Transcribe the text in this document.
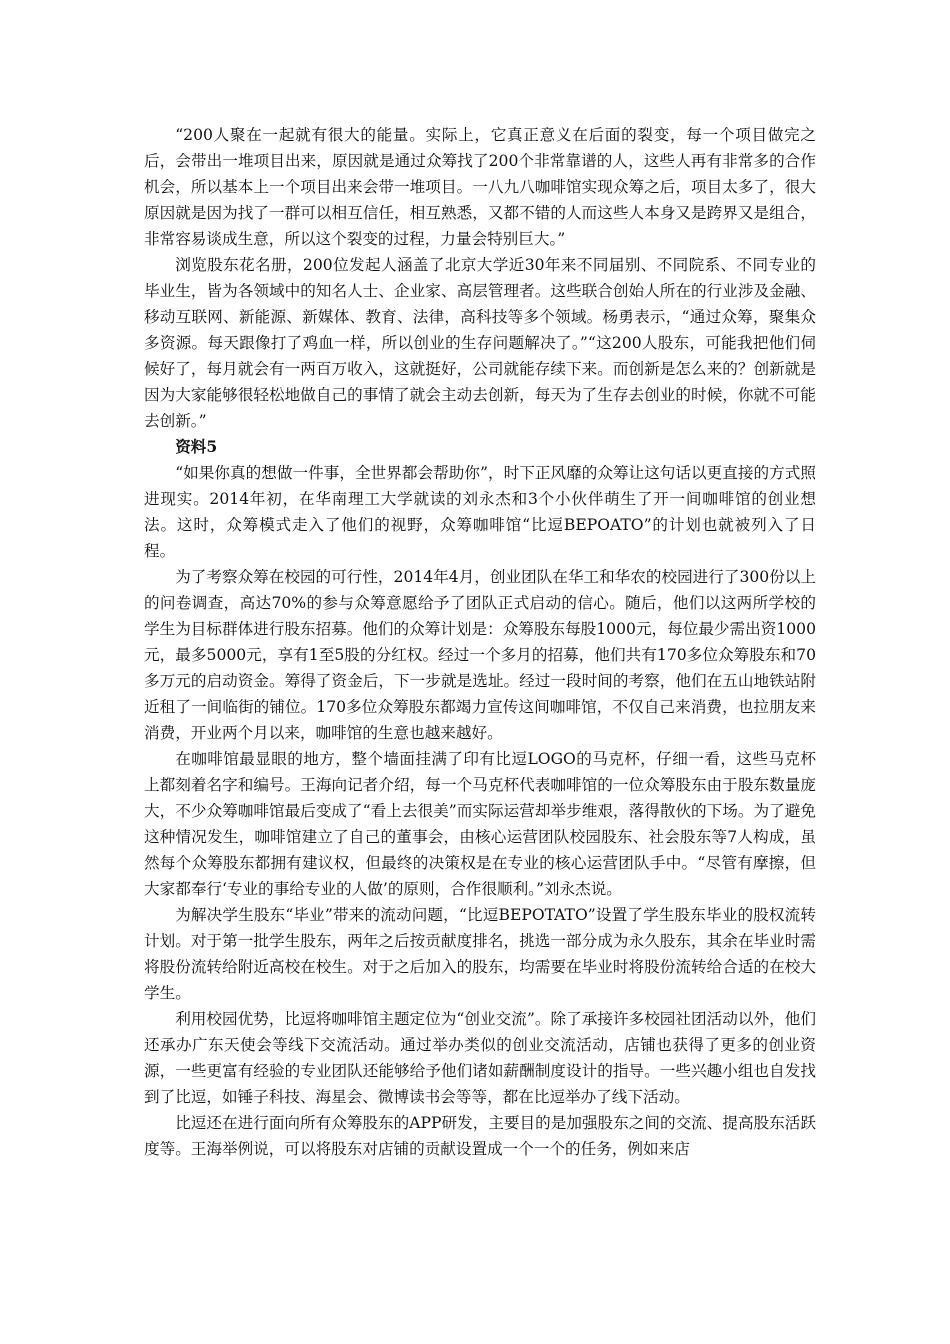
“200人聚在一起就有很大的能量。实际上，它真正意义在后面的裂变，每一个项目做完之后，会带出一堆项目出来，原因就是通过众筹找了200个非常靠谱的人，这些人再有非常多的合作机会，所以基本上一个项目出来会带一堆项目。一八九八咖啡馆实现众筹之后，项目太多了，很大原因就是因为找了一群可以相互信任，相互熟悉，又都不错的人而这些人本身又是跨界又是组合，非常容易谈成生意，所以这个裂变的过程，力量会特别巨大。”

浏览股东花名册，200位发起人涵盖了北京大学近30年来不同届别、不同院系、不同专业的毕业生，皆为各领域中的知名人士、企业家、高层管理者。这些联合创始人所在的行业涉及金融、移动互联网、新能源、新媒体、教育、法律，高科技等多个领域。杨勇表示，“通过众筹，聚集众多资源。每天跟像打了鸡血一样，所以创业的生存问题解决了。”“这200人股东，可能我把他们伺候好了，每月就会有一两百万收入，这就挺好，公司就能存续下来。而创新是怎么来的？创新就是因为大家能够很轻松地做自己的事情了就会主动去创新，每天为了生存去创业的时候，你就不可能去创新。”

资料5

“如果你真的想做一件事，全世界都会帮助你”，时下正风靡的众筹让这句话以更直接的方式照进现实。2014年初，在华南理工大学就读的刘永杰和3个小伙伴萌生了开一间咖啡馆的创业想法。这时，众筹模式走入了他们的视野，众筹咖啡馆“比逗BEPOATO”的计划也就被列入了日程。

为了考察众筹在校园的可行性，2014年4月，创业团队在华工和华农的校园进行了300份以上的问卷调查，高达70%的参与众筹意愿给予了团队正式启动的信心。随后，他们以这两所学校的学生为目标群体进行股东招募。他们的众筹计划是：众筹股东每股1000元，每位最少需出资1000元，最多5000元，享有1至5股的分红权。经过一个多月的招募，他们共有170多位众筹股东和70多万元的启动资金。筹得了资金后，下一步就是选址。经过一段时间的考察，他们在五山地铁站附近租了一间临街的铺位。170多位众筹股东都竭力宣传这间咖啡馆，不仅自己来消费，也拉朋友来消费，开业两个月以来，咖啡馆的生意也越来越好。

在咖啡馆最显眼的地方，整个墙面挂满了印有比逗LOGO的马克杯，仔细一看，这些马克杯上都刻着名字和编号。王海向记者介绍，每一个马克杯代表咖啡馆的一位众筹股东由于股东数量庞大，不少众筹咖啡馆最后变成了“看上去很美”而实际运营却举步维艰，落得散伙的下场。为了避免这种情况发生，咖啡馆建立了自己的董事会，由核心运营团队校园股东、社会股东等7人构成，虽然每个众筹股东都拥有建议权，但最终的决策权是在专业的核心运营团队手中。“尽管有摩擦，但大家都奉行‘专业的事给专业的人做’的原则，合作很顺利。”刘永杰说。

为解决学生股东“毕业”带来的流动问题，“比逗BEPOTATO”设置了学生股东毕业的股权流转计划。对于第一批学生股东，两年之后按贡献度排名，挑选一部分成为永久股东，其余在毕业时需将股份流转给附近高校在校生。对于之后加入的股东，均需要在毕业时将股份流转给合适的在校大学生。

利用校园优势，比逗将咖啡馆主题定位为“创业交流”。除了承接许多校园社团活动以外，他们还承办广东天使会等线下交流活动。通过举办类似的创业交流活动，店铺也获得了更多的创业资源，一些更富有经验的专业团队还能够给予他们诸如薪酬制度设计的指导。一些兴趣小组也自发找到了比逗，如锤子科技、海星会、微博读书会等等，都在比逗举办了线下活动。

比逗还在进行面向所有众筹股东的APP研发，主要目的是加强股东之间的交流、提高股东活跃度等。王海举例说，可以将股东对店铺的贡献设置成一个一个的任务，例如来店
